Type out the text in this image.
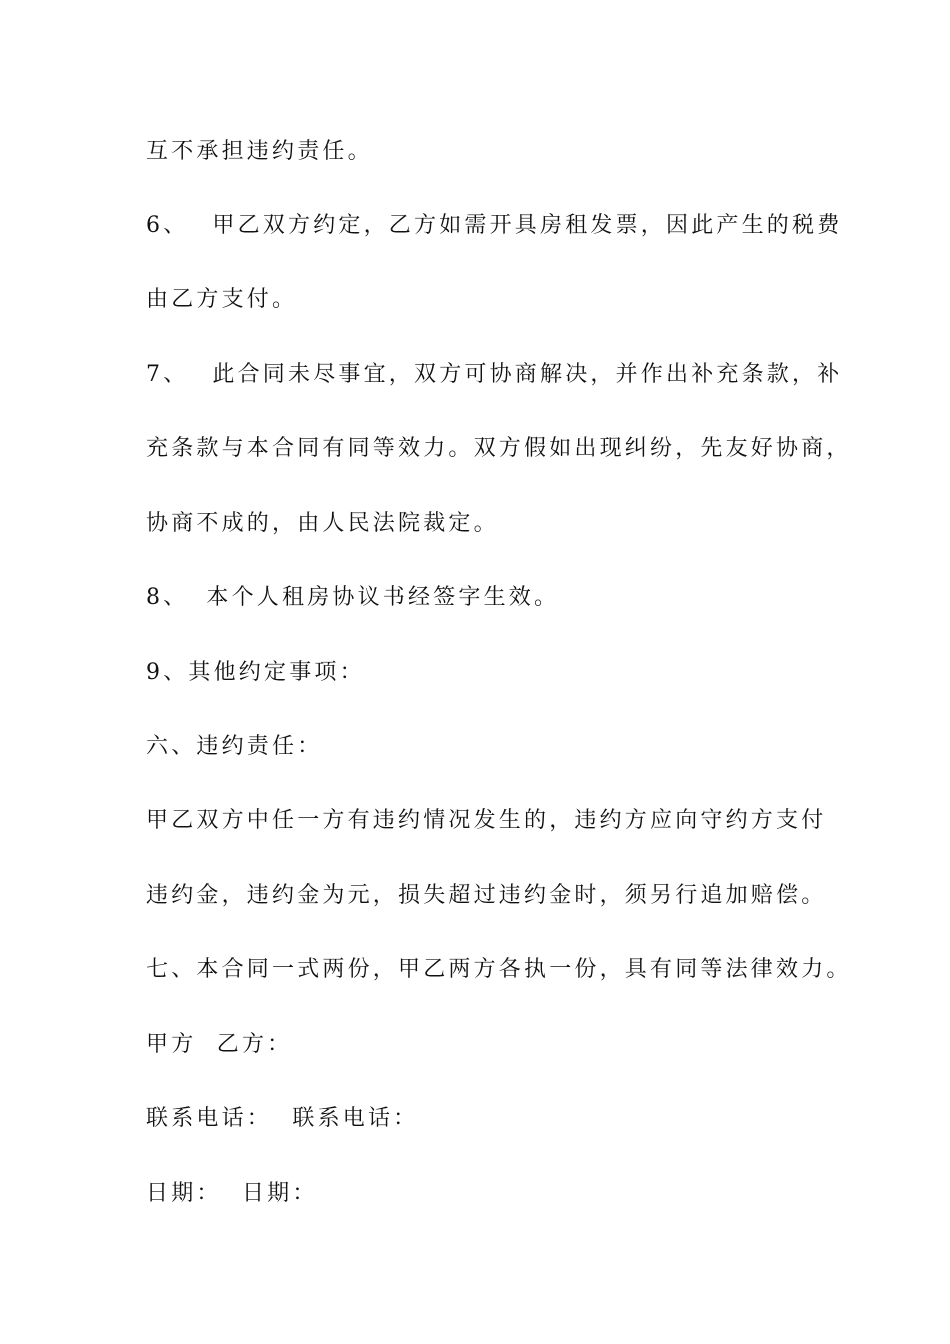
互不承担违约责任。
6、 甲乙双方约定，乙方如需开具房租发票，因此产生的税费
由乙方支付。
7、 此合同未尽事宜，双方可协商解决，并作出补充条款，补
充条款与本合同有同等效力。双方假如出现纠纷，先友好协商，
协商不成的，由人民法院裁定。
8、 本个人租房协议书经签字生效。
9、其他约定事项：
六、违约责任：
甲乙双方中任一方有违约情况发生的，违约方应向守约方支付
违约金，违约金为元，损失超过违约金时，须另行追加赔偿。
七、本合同一式两份，甲乙两方各执一份，具有同等法律效力。
甲方  乙方：
联系电话：  联系电话：
日期：  日期：
